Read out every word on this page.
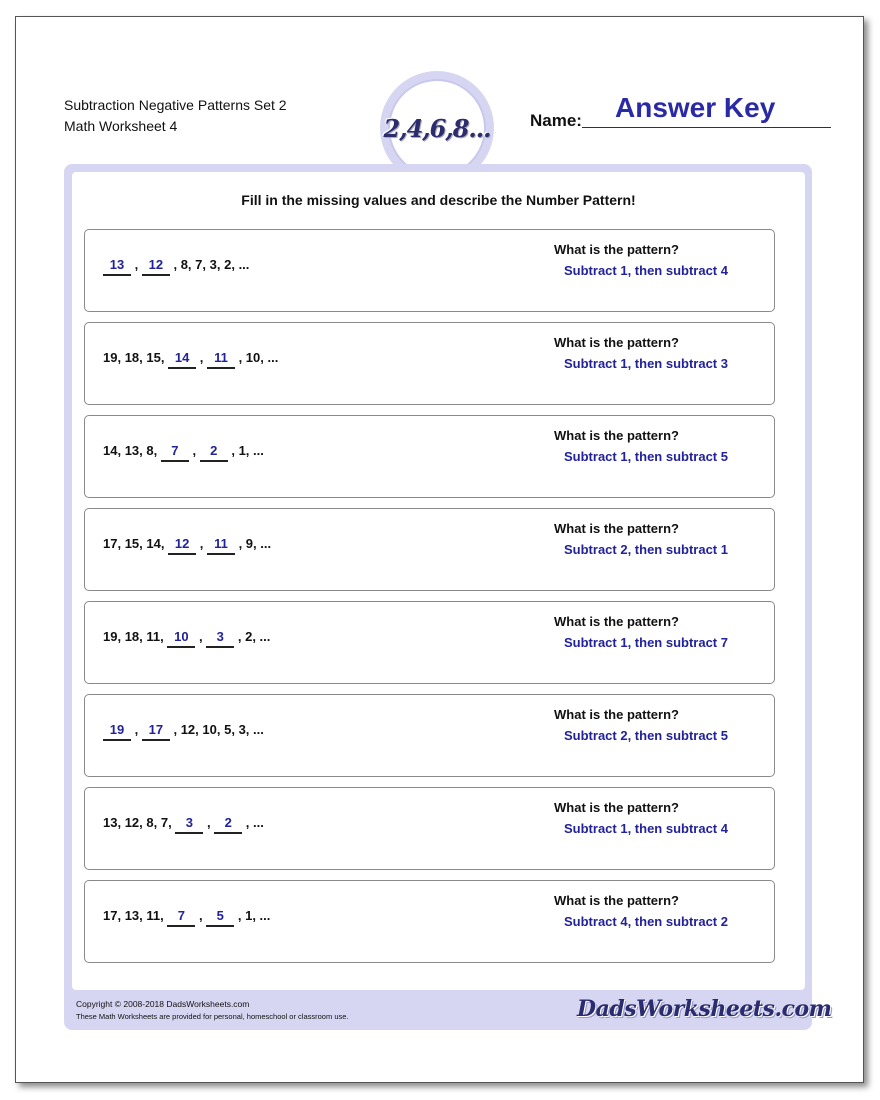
Subtraction Negative Patterns Set 2
Math Worksheet 4	2,4,6,8...
Answer Key
Name:
Fill in the missing values and describe the Number Pattern!
13 , 12 , 8, 7, 3, 2, ...
What is the pattern?
Subtract 1, then subtract 4
19, 18, 15, 14 , 11 , 10, ...
What is the pattern?
Subtract 1, then subtract 3
14, 13, 8, 7 , 2 , 1, ...
What is the pattern?
Subtract 1, then subtract 5
17, 15, 14, 12 , 11 , 9, ...
What is the pattern?
Subtract 2, then subtract 1
19, 18, 11, 10 , 3 , 2, ...
What is the pattern?
Subtract 1, then subtract 7
19 , 17 , 12, 10, 5, 3, ...
What is the pattern?
Subtract 2, then subtract 5
13, 12, 8, 7, 3 , 2 , ...
What is the pattern?
Subtract 1, then subtract 4
17, 13, 11, 7 , 5 , 1, ...
What is the pattern?
Subtract 4, then subtract 2
Copyright © 2008-2018 DadsWorksheets.com
These Math Worksheets are provided for personal, homeschool or classroom use.	DadsWorksheets.com
